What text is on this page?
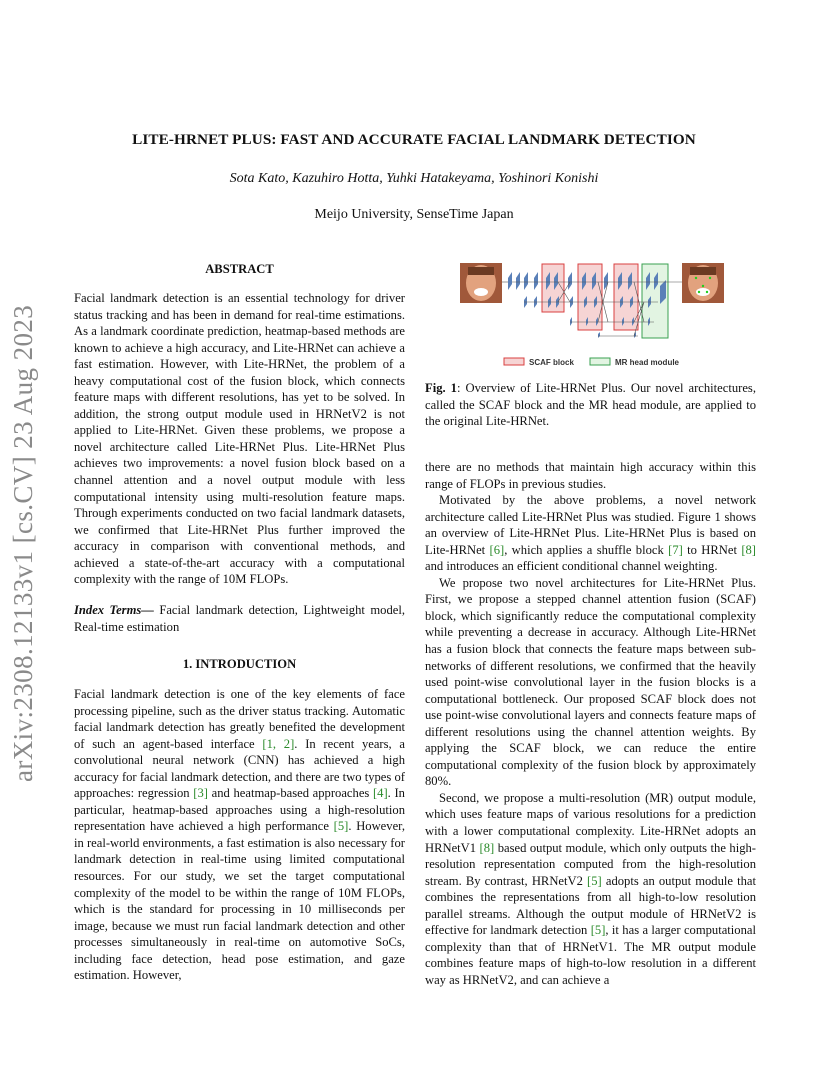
LITE-HRNET PLUS: FAST AND ACCURATE FACIAL LANDMARK DETECTION
Sota Kato, Kazuhiro Hotta, Yuhki Hatakeyama, Yoshinori Konishi
Meijo University, SenseTime Japan
arXiv:2308.12133v1 [cs.CV] 23 Aug 2023
ABSTRACT

Facial landmark detection is an essential technology for driver status tracking and has been in demand for real-time estimations. As a landmark coordinate prediction, heatmap-based methods are known to achieve a high accuracy, and Lite-HRNet can achieve a fast estimation. However, with Lite-HRNet, the problem of a heavy computational cost of the fusion block, which connects feature maps with different resolutions, has yet to be solved. In addition, the strong output module used in HRNetV2 is not applied to Lite-HRNet. Given these problems, we propose a novel architecture called Lite-HRNet Plus. Lite-HRNet Plus achieves two improvements: a novel fusion block based on a channel attention and a novel output module with less computational intensity using multi-resolution feature maps. Through experiments conducted on two facial landmark datasets, we confirmed that Lite-HRNet Plus further improved the accuracy in comparison with conventional methods, and achieved a state-of-the-art accuracy with a computational complexity with the range of 10M FLOPs.

Index Terms— Facial landmark detection, Lightweight model, Real-time estimation

1. INTRODUCTION

Facial landmark detection is one of the key elements of face processing pipeline, such as the driver status tracking. Automatic facial landmark detection has greatly benefited the development of such an agent-based interface [1, 2]. In recent years, a convolutional neural network (CNN) has achieved a high accuracy for facial landmark detection, and there are two types of approaches: regression [3] and heatmap-based approaches [4]. In particular, heatmap-based approaches using a high-resolution representation have achieved a high performance [5]. However, in real-world environments, a fast estimation is also necessary for landmark detection in real-time using limited computational resources. For our study, we set the target computational complexity of the model to be within the range of 10M FLOPs, which is the standard for processing in 10 milliseconds per image, because we must run facial landmark detection and other processes simultaneously in real-time on automotive SoCs, including face detection, head pose estimation, and gaze estimation. However,

SCAF block	MR head module
Fig. 1: Overview of Lite-HRNet Plus. Our novel architectures, called the SCAF block and the MR head module, are applied to the original Lite-HRNet.

there are no methods that maintain high accuracy within this range of FLOPs in previous studies.

Motivated by the above problems, a novel network architecture called Lite-HRNet Plus was studied. Figure 1 shows an overview of Lite-HRNet Plus. Lite-HRNet Plus is based on Lite-HRNet [6], which applies a shuffle block [7] to HRNet [8] and introduces an efficient conditional channel weighting.

We propose two novel architectures for Lite-HRNet Plus. First, we propose a stepped channel attention fusion (SCAF) block, which significantly reduce the computational complexity while preventing a decrease in accuracy. Although Lite-HRNet has a fusion block that connects the feature maps between sub-networks of different resolutions, we confirmed that the heavily used point-wise convolutional layer in the fusion blocks is a computational bottleneck. Our proposed SCAF block does not use point-wise convolutional layers and connects feature maps of different resolutions using the channel attention weights. By applying the SCAF block, we can reduce the entire computational complexity of the fusion block by approximately 80%.

Second, we propose a multi-resolution (MR) output module, which uses feature maps of various resolutions for a prediction with a lower computational complexity. Lite-HRNet adopts an HRNetV1 [8] based output module, which only outputs the high-resolution representation computed from the high-resolution stream. By contrast, HRNetV2 [5] adopts an output module that combines the representations from all high-to-low resolution parallel streams. Although the output module of HRNetV2 is effective for landmark detection [5], it has a larger computational complexity than that of HRNetV1. The MR output module combines feature maps of high-to-low resolution in a different way as HRNetV2, and can achieve a
